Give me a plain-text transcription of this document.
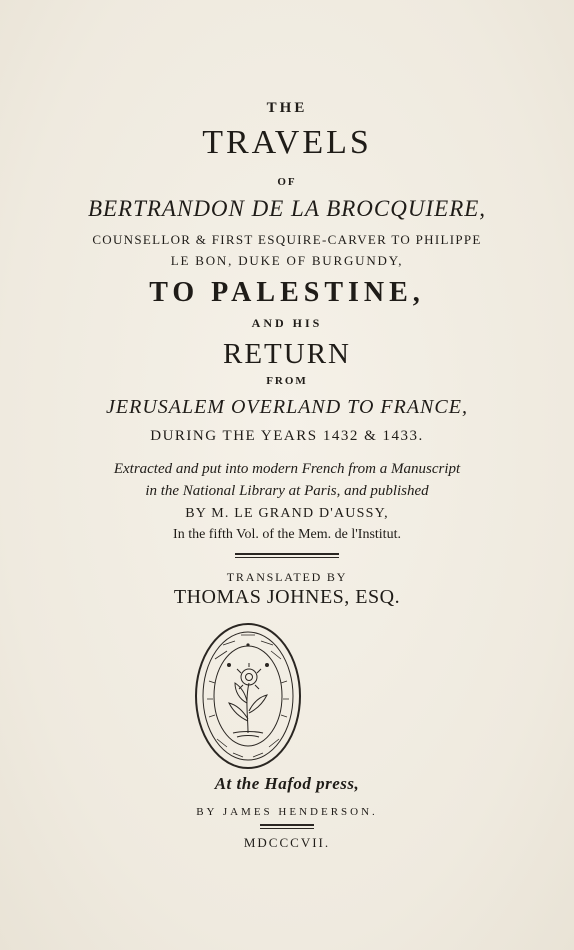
THE
TRAVELS
OF
BERTRANDON DE LA BROCQUIERE,
COUNSELLOR & FIRST ESQUIRE-CARVER TO PHILIPPE
LE BON, DUKE OF BURGUNDY,
TO PALESTINE,
AND HIS
RETURN
FROM
JERUSALEM OVERLAND TO FRANCE,
DURING THE YEARS 1432 & 1433.
Extracted and put into modern French from a Manuscript
in the National Library at Paris, and published
BY M. LE GRAND D'AUSSY,
In the fifth Vol. of the Mem. de l'Institut.
TRANSLATED BY
THOMAS JOHNES, ESQ.
At the Hafod press,
BY JAMES HENDERSON.
MDCCCVII.
